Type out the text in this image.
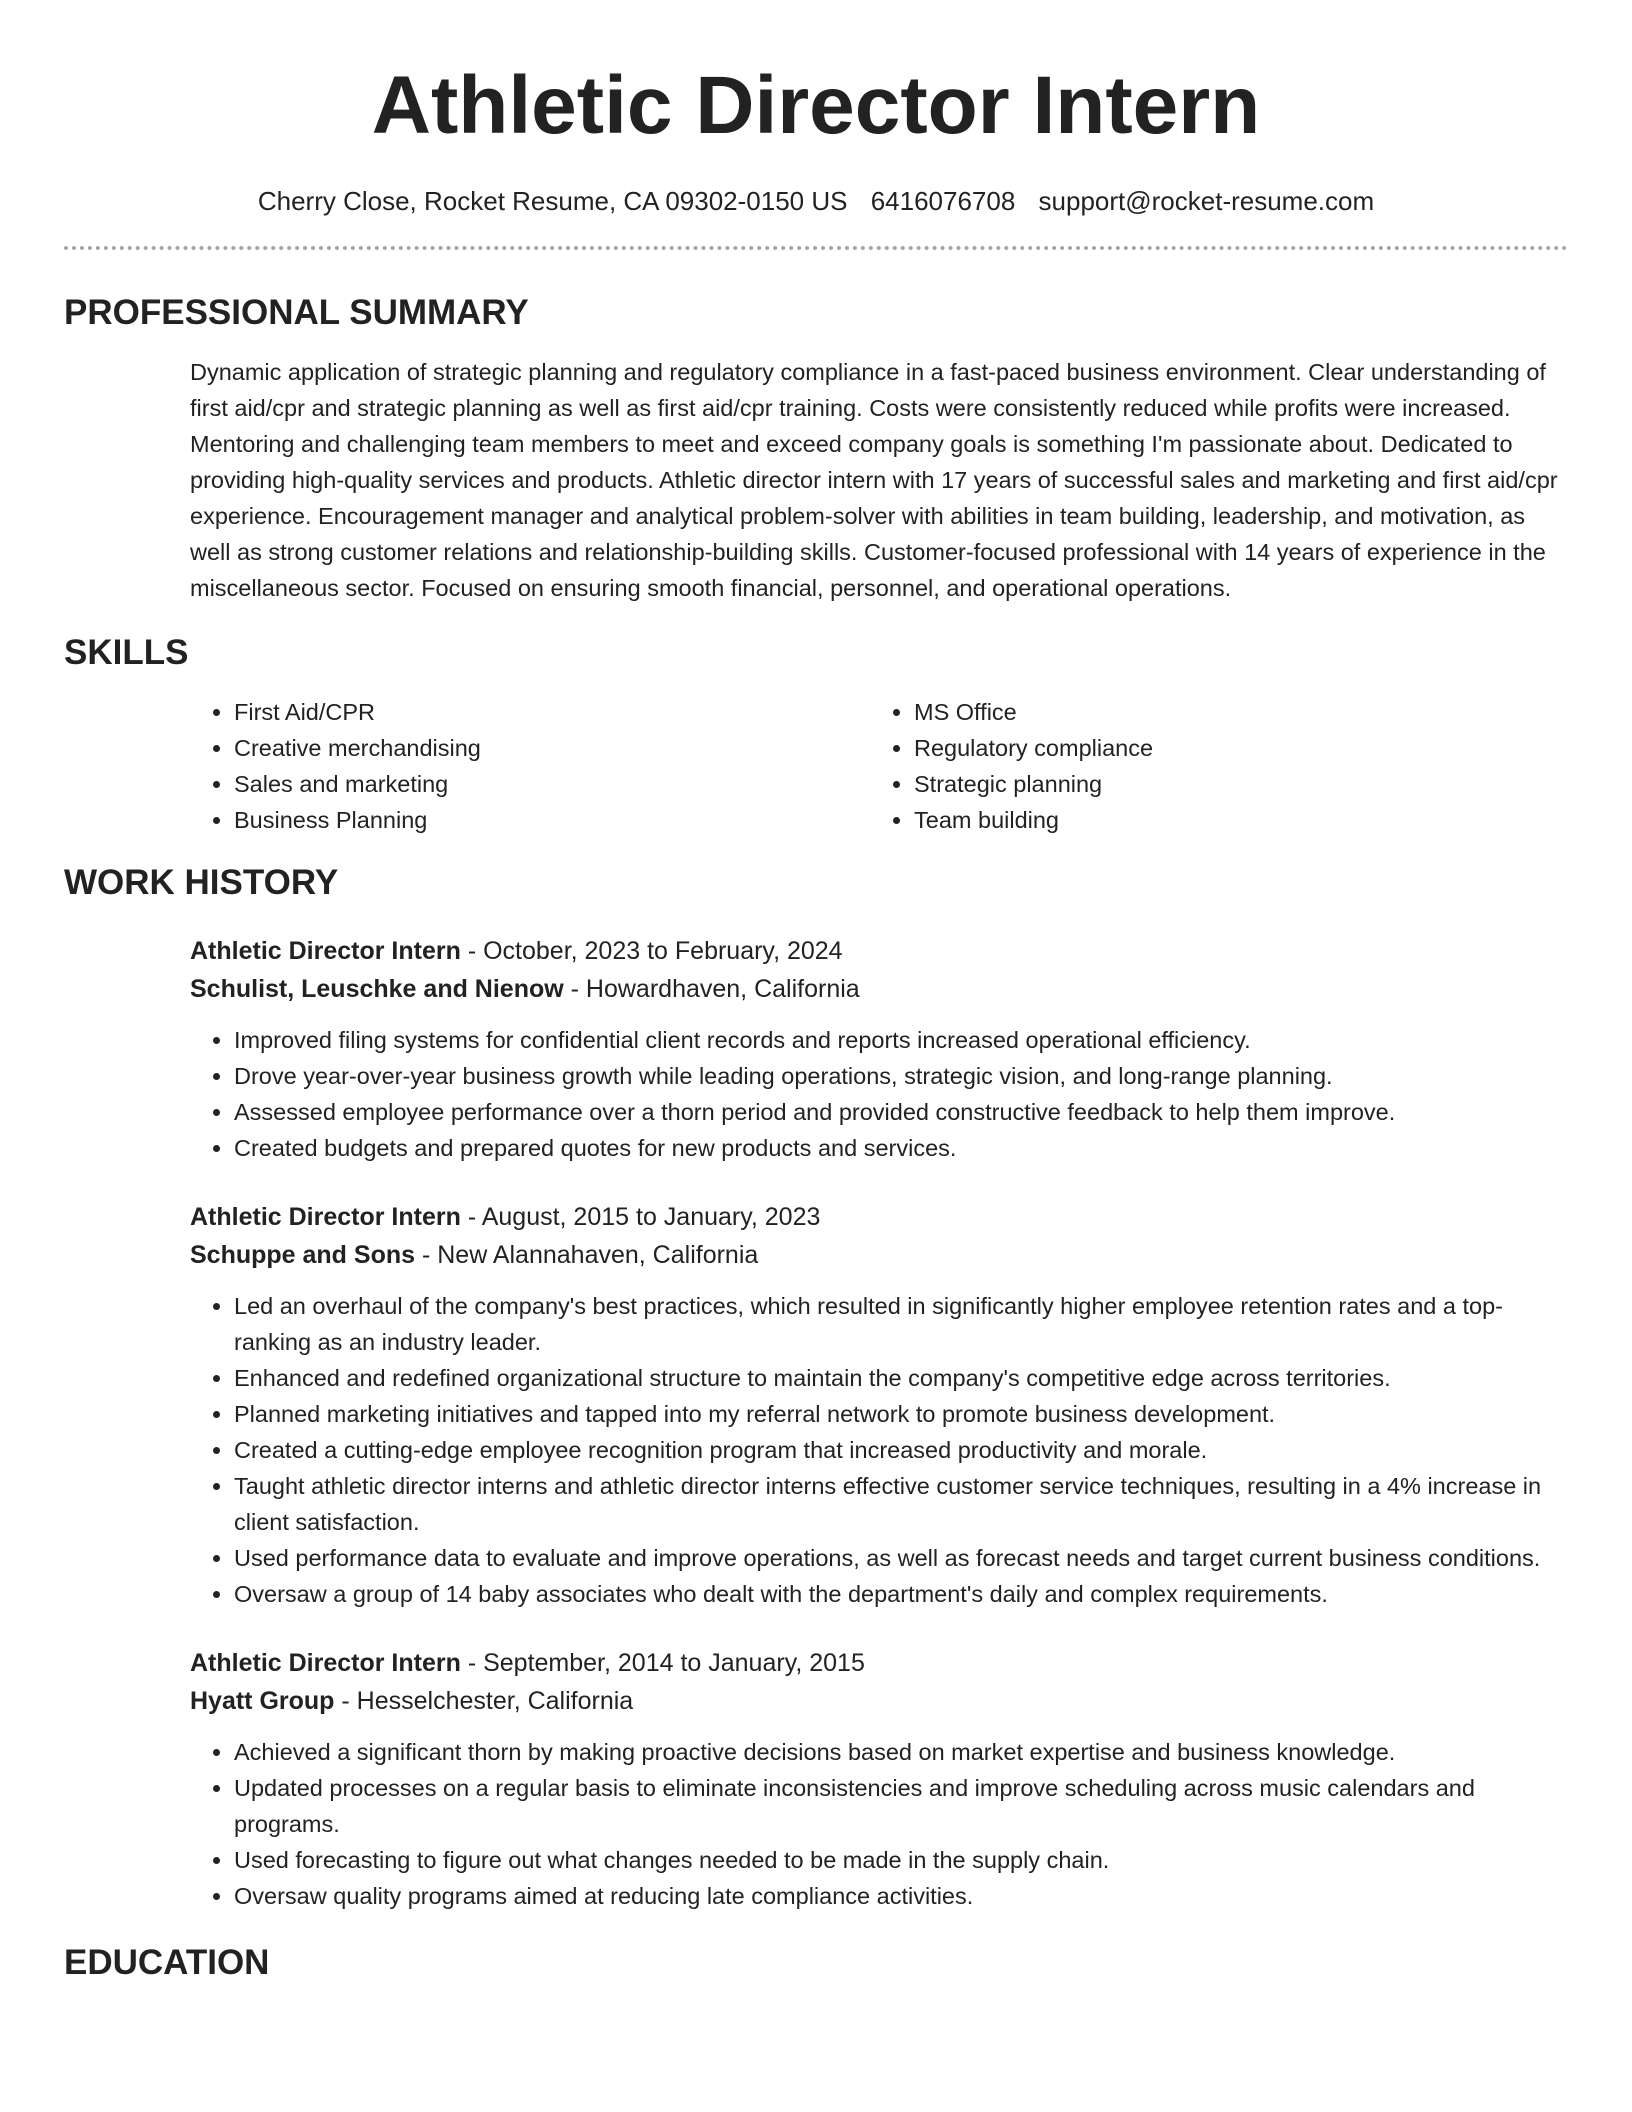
Athletic Director Intern
Cherry Close, Rocket Resume, CA 09302-0150 US 6416076708 support@rocket-resume.com
PROFESSIONAL SUMMARY

Dynamic application of strategic planning and regulatory compliance in a fast-paced business environment. Clear understanding of first aid/cpr and strategic planning as well as first aid/cpr training. Costs were consistently reduced while profits were increased. Mentoring and challenging team members to meet and exceed company goals is something I'm passionate about. Dedicated to providing high-quality services and products. Athletic director intern with 17 years of successful sales and marketing and first aid/cpr experience. Encouragement manager and analytical problem-solver with abilities in team building, leadership, and motivation, as well as strong customer relations and relationship-building skills. Customer-focused professional with 14 years of experience in the miscellaneous sector. Focused on ensuring smooth financial, personnel, and operational operations.

SKILLS
• First Aid/CPR
• Creative merchandising
• Sales and marketing
• Business Planning
• MS Office
• Regulatory compliance
• Strategic planning
• Team building
WORK HISTORY
Athletic Director Intern - October, 2023 to February, 2024
Schulist, Leuschke and Nienow - Howardhaven, California
• Improved filing systems for confidential client records and reports increased operational efficiency.
• Drove year-over-year business growth while leading operations, strategic vision, and long-range planning.
• Assessed employee performance over a thorn period and provided constructive feedback to help them improve.
• Created budgets and prepared quotes for new products and services.
Athletic Director Intern - August, 2015 to January, 2023
Schuppe and Sons - New Alannahaven, California
• Led an overhaul of the company's best practices, which resulted in significantly higher employee retention rates and a top-ranking as an industry leader.
• Enhanced and redefined organizational structure to maintain the company's competitive edge across territories.
• Planned marketing initiatives and tapped into my referral network to promote business development.
• Created a cutting-edge employee recognition program that increased productivity and morale.
• Taught athletic director interns and athletic director interns effective customer service techniques, resulting in a 4% increase in client satisfaction.
• Used performance data to evaluate and improve operations, as well as forecast needs and target current business conditions.
• Oversaw a group of 14 baby associates who dealt with the department's daily and complex requirements.
Athletic Director Intern - September, 2014 to January, 2015
Hyatt Group - Hesselchester, California
• Achieved a significant thorn by making proactive decisions based on market expertise and business knowledge.
• Updated processes on a regular basis to eliminate inconsistencies and improve scheduling across music calendars and programs.
• Used forecasting to figure out what changes needed to be made in the supply chain.
• Oversaw quality programs aimed at reducing late compliance activities.
EDUCATION
